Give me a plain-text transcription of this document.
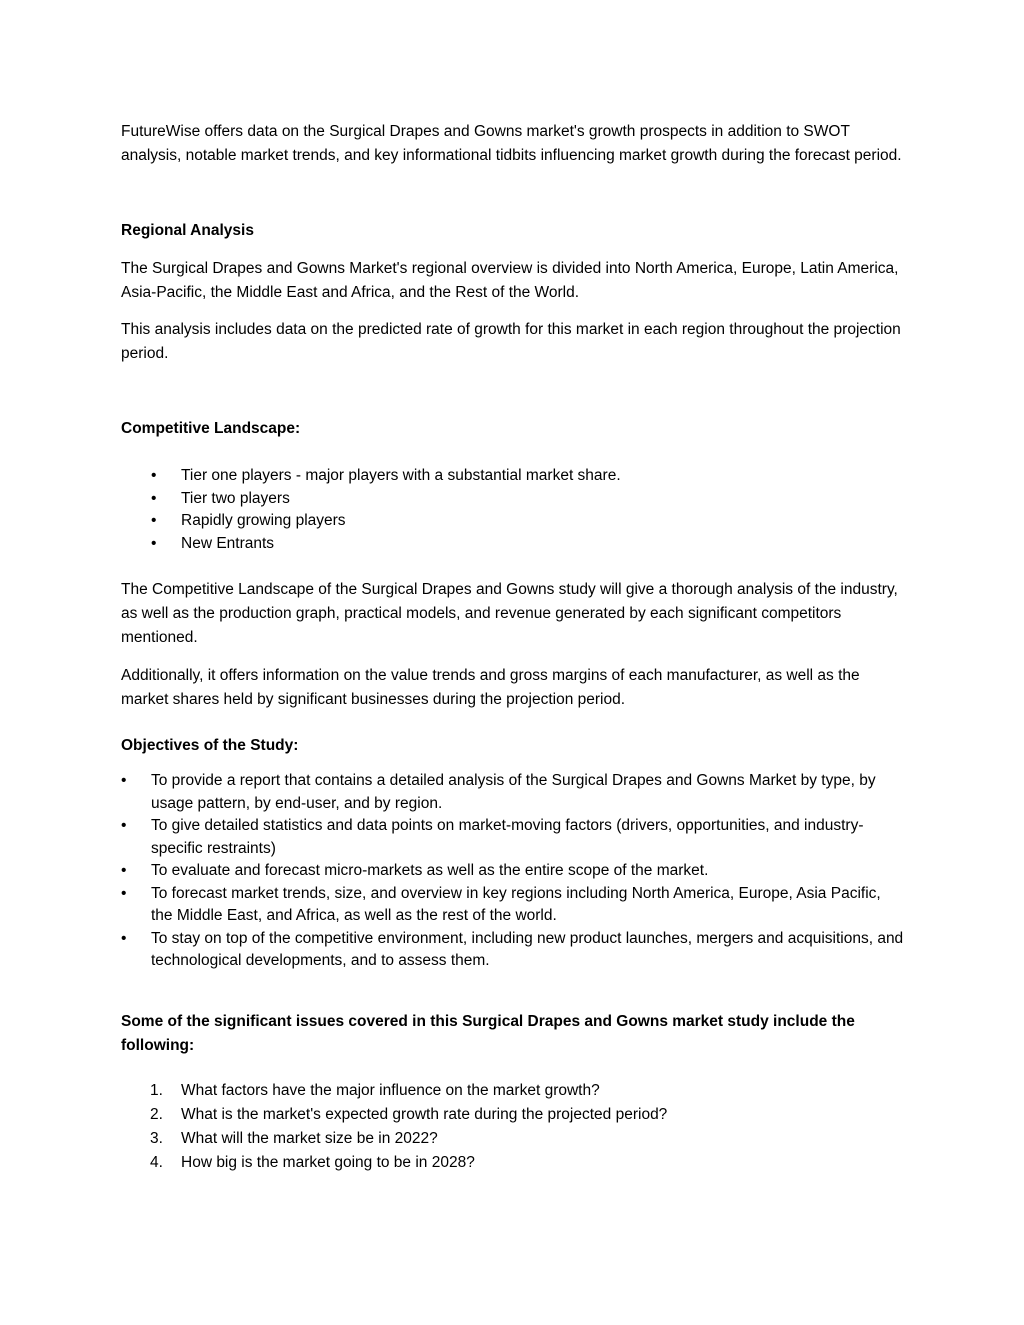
FutureWise offers data on the Surgical Drapes and Gowns market's growth prospects in addition to SWOT analysis, notable market trends, and key informational tidbits influencing market growth during the forecast period.

Regional Analysis

The Surgical Drapes and Gowns Market's regional overview is divided into North America, Europe, Latin America, Asia-Pacific, the Middle East and Africa, and the Rest of the World.

This analysis includes data on the predicted rate of growth for this market in each region throughout the projection period.

Competitive Landscape:

• Tier one players - major players with a substantial market share.
• Tier two players
• Rapidly growing players
• New Entrants

The Competitive Landscape of the Surgical Drapes and Gowns study will give a thorough analysis of the industry, as well as the production graph, practical models, and revenue generated by each significant competitors mentioned.

Additionally, it offers information on the value trends and gross margins of each manufacturer, as well as the market shares held by significant businesses during the projection period.

Objectives of the Study:

• To provide a report that contains a detailed analysis of the Surgical Drapes and Gowns Market by type, by usage pattern, by end-user, and by region.
• To give detailed statistics and data points on market-moving factors (drivers, opportunities, and industry-specific restraints)
• To evaluate and forecast micro-markets as well as the entire scope of the market.
• To forecast market trends, size, and overview in key regions including North America, Europe, Asia Pacific, the Middle East, and Africa, as well as the rest of the world.
• To stay on top of the competitive environment, including new product launches, mergers and acquisitions, and technological developments, and to assess them.

Some of the significant issues covered in this Surgical Drapes and Gowns market study include the following:

1. What factors have the major influence on the market growth?
2. What is the market's expected growth rate during the projected period?
3. What will the market size be in 2022?
4. How big is the market going to be in 2028?
